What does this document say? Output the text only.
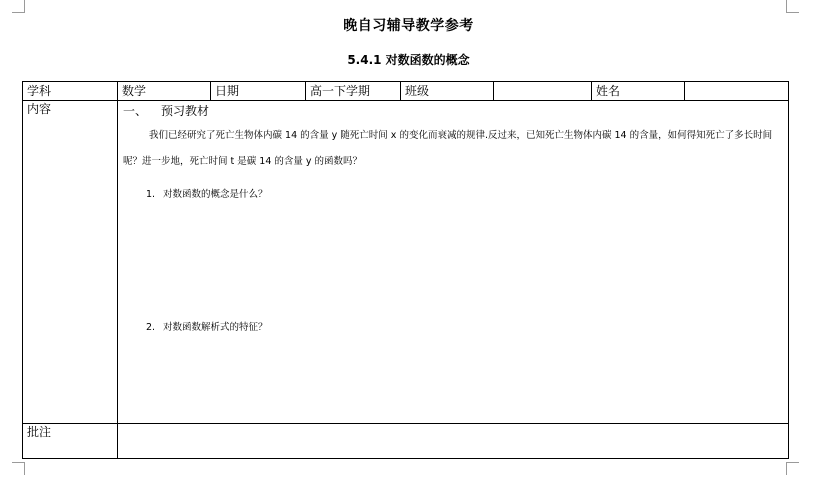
晚自习辅导教学参考
5.4.1 对数函数的概念
学科	数学	日期	高一下学期	班级		姓名	
内容	一、 预习教材
我们已经研究了死亡生物体内碳 14 的含量 y 随死亡时间 x 的变化而衰减的规律.反过来，已知死亡生物体内碳 14 的含量，如何得知死亡了多长时间呢？进一步地，死亡时间 t 是碳 14 的含量 y 的函数吗？
1. 对数函数的概念是什么？
2. 对数函数解析式的特征？						

批注							
